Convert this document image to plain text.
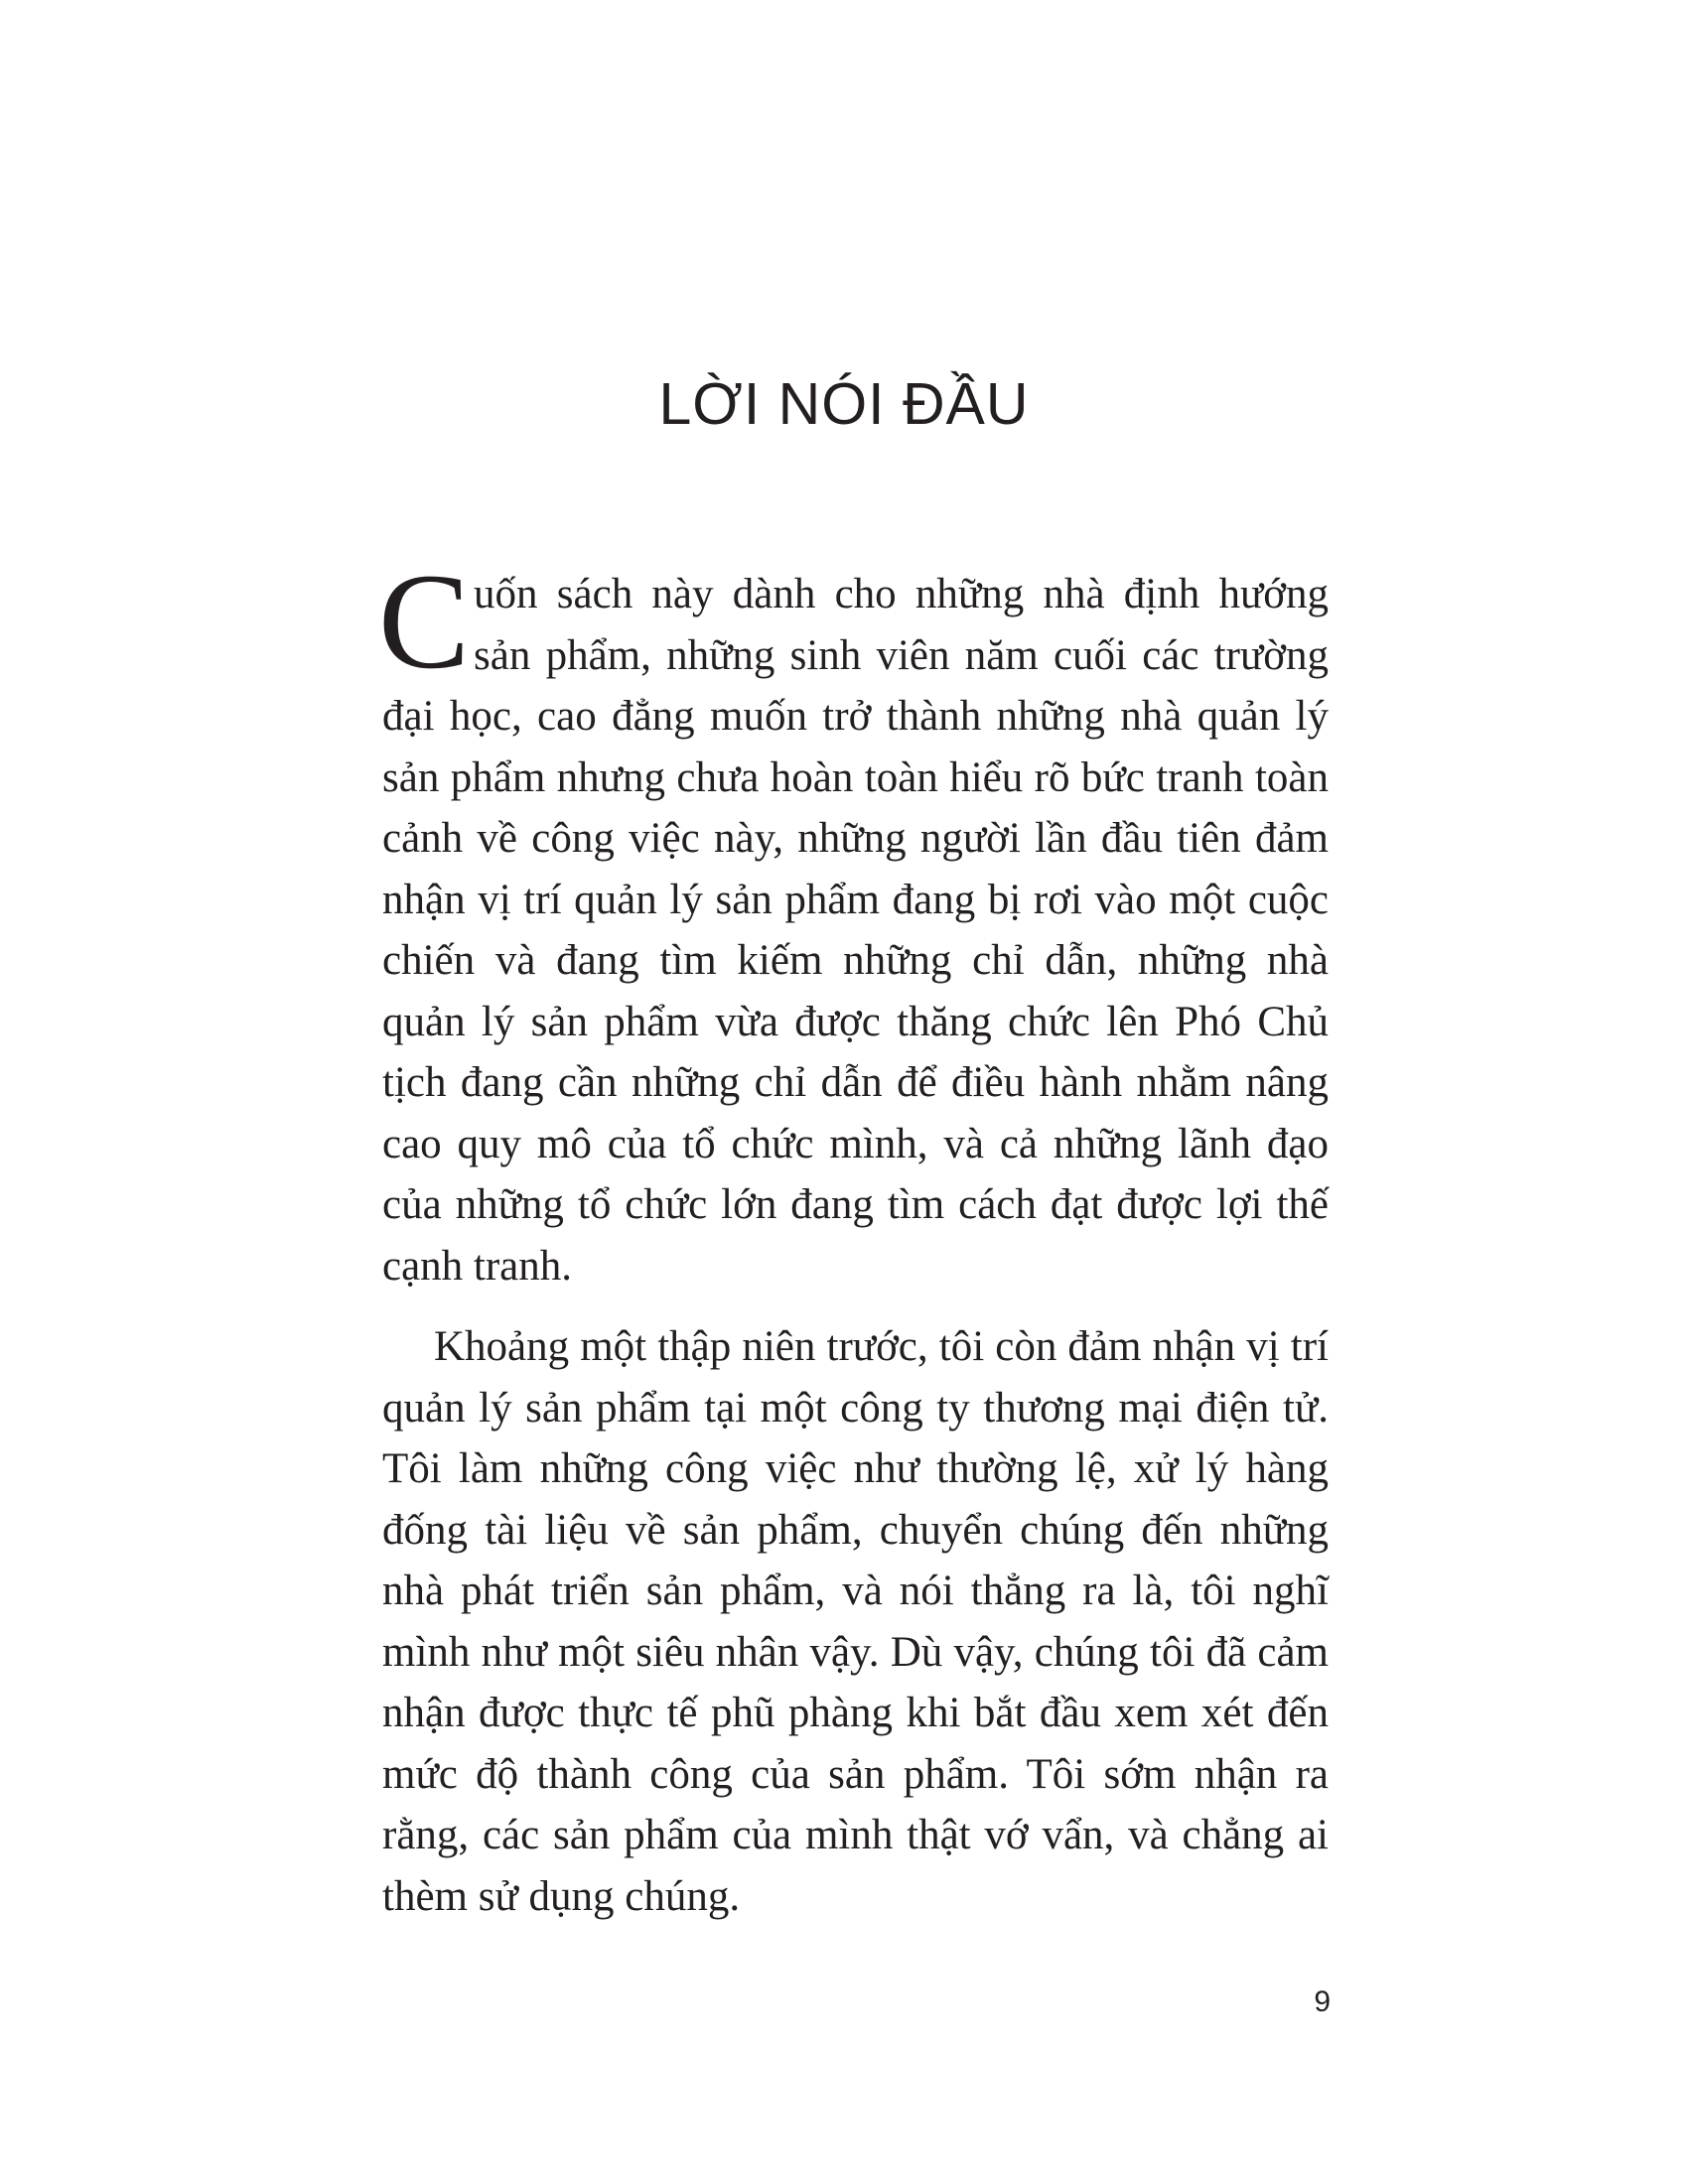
LỜI NÓI ĐẦU

Cuốn sách này dành cho những nhà định hướng sản phẩm, những sinh viên năm cuối các trường đại học, cao đẳng muốn trở thành những nhà quản lý sản phẩm nhưng chưa hoàn toàn hiểu rõ bức tranh toàn cảnh về công việc này, những người lần đầu tiên đảm nhận vị trí quản lý sản phẩm đang bị rơi vào một cuộc chiến và đang tìm kiếm những chỉ dẫn, những nhà quản lý sản phẩm vừa được thăng chức lên Phó Chủ tịch đang cần những chỉ dẫn để điều hành nhằm nâng cao quy mô của tổ chức mình, và cả những lãnh đạo của những tổ chức lớn đang tìm cách đạt được lợi thế cạnh tranh.

Khoảng một thập niên trước, tôi còn đảm nhận vị trí quản lý sản phẩm tại một công ty thương mại điện tử. Tôi làm những công việc như thường lệ, xử lý hàng đống tài liệu về sản phẩm, chuyển chúng đến những nhà phát triển sản phẩm, và nói thẳng ra là, tôi nghĩ mình như một siêu nhân vậy. Dù vậy, chúng tôi đã cảm nhận được thực tế phũ phàng khi bắt đầu xem xét đến mức độ thành công của sản phẩm. Tôi sớm nhận ra rằng, các sản phẩm của mình thật vớ vẩn, và chẳng ai thèm sử dụng chúng.

9
